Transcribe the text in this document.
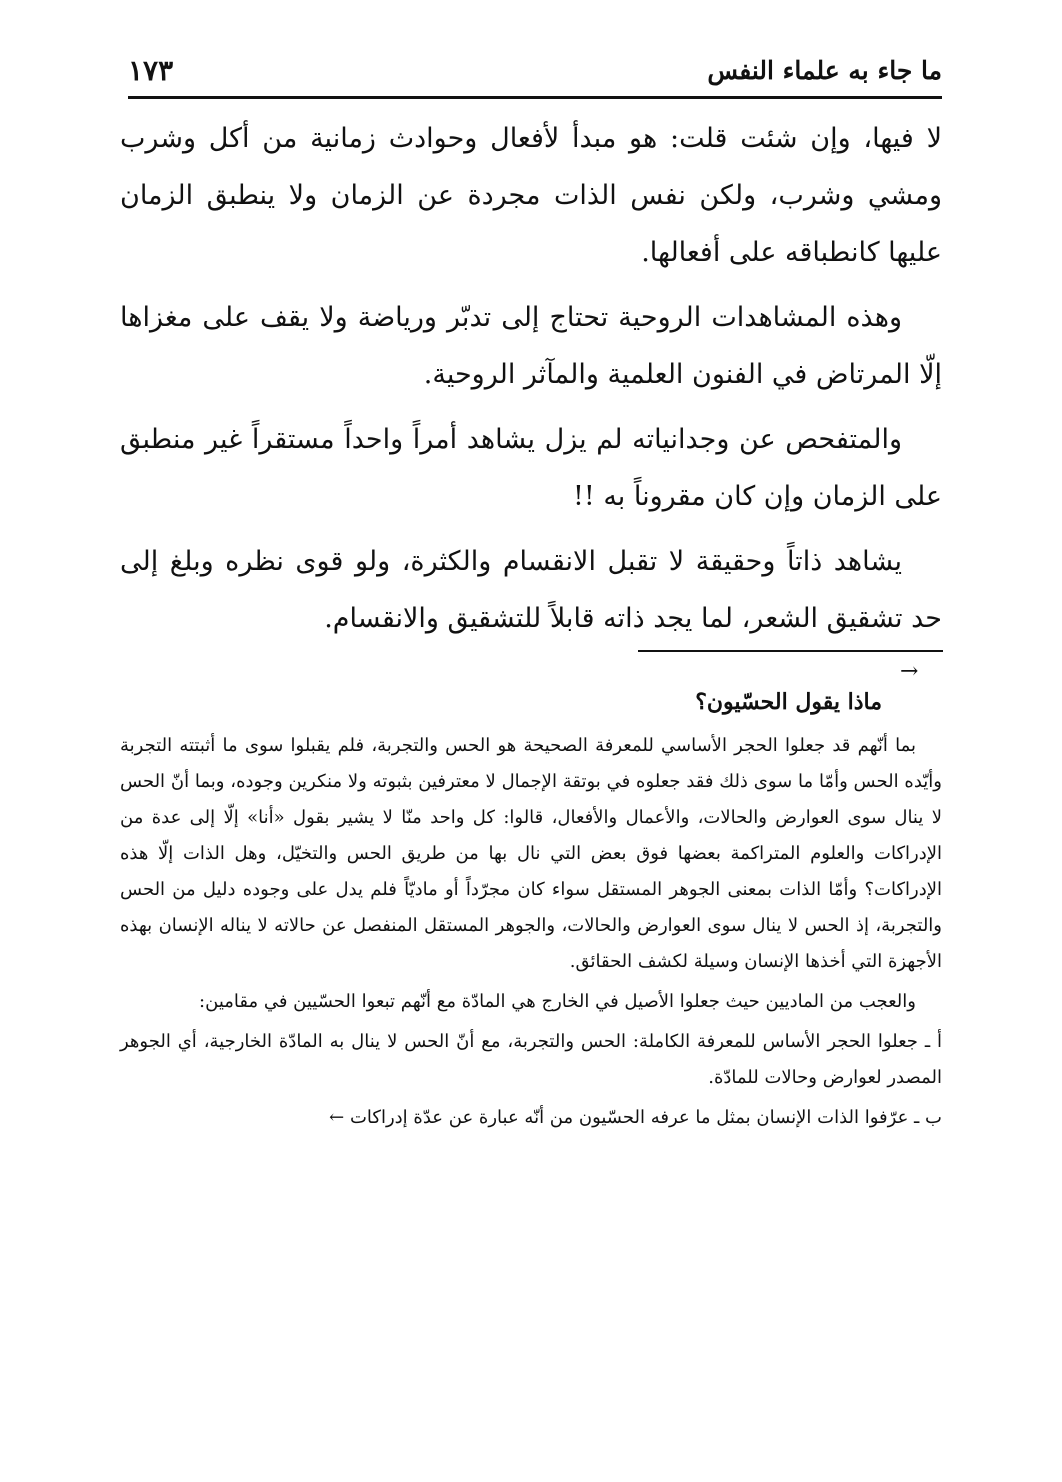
ما جاء به علماء النفس
١٧٣

لا فيها، وإن شئت قلت: هو مبدأ لأفعال وحوادث زمانية من أكل وشرب ومشي وشرب، ولكن نفس الذات مجردة عن الزمان ولا ينطبق الزمان عليها كانطباقه على أفعالها.

وهذه المشاهدات الروحية تحتاج إلى تدبّر ورياضة ولا يقف على مغزاها إلّا المرتاض في الفنون العلمية والمآثر الروحية.

والمتفحص عن وجدانياته لم يزل يشاهد أمراً واحداً مستقراً غير منطبق على الزمان وإن كان مقروناً به !!

يشاهد ذاتاً وحقيقة لا تقبل الانقسام والكثرة، ولو قوى نظره وبلغ إلى حد تشقيق الشعر، لما يجد ذاته قابلاً للتشقيق والانقسام.

→
ماذا يقول الحسّيون؟

بما أنّهم قد جعلوا الحجر الأساسي للمعرفة الصحيحة هو الحس والتجربة، فلم يقبلوا سوى ما أثبتته التجربة وأيّده الحس وأمّا ما سوى ذلك فقد جعلوه في بوتقة الإجمال لا معترفين بثبوته ولا منكرين وجوده، وبما أنّ الحس لا ينال سوى العوارض والحالات، والأعمال والأفعال، قالوا: كل واحد منّا لا يشير بقول «أنا» إلّا إلى عدة من الإدراكات والعلوم المتراكمة بعضها فوق بعض التي نال بها من طريق الحس والتخيّل، وهل الذات إلّا هذه الإدراكات؟ وأمّا الذات بمعنى الجوهر المستقل سواء كان مجرّداً أو ماديّاً فلم يدل على وجوده دليل من الحس والتجربة، إذ الحس لا ينال سوى العوارض والحالات، والجوهر المستقل المنفصل عن حالاته لا يناله الإنسان بهذه الأجهزة التي أخذها الإنسان وسيلة لكشف الحقائق.

والعجب من الماديين حيث جعلوا الأصيل في الخارج هي المادّة مع أنّهم تبعوا الحسّيين في مقامين:

أ ـ جعلوا الحجر الأساس للمعرفة الكاملة: الحس والتجربة، مع أنّ الحس لا ينال به المادّة الخارجية، أي الجوهر المصدر لعوارض وحالات للمادّة.

ب ـ عرّفوا الذات الإنسان بمثل ما عرفه الحسّيون من أنّه عبارة عن عدّة إدراكات ←
